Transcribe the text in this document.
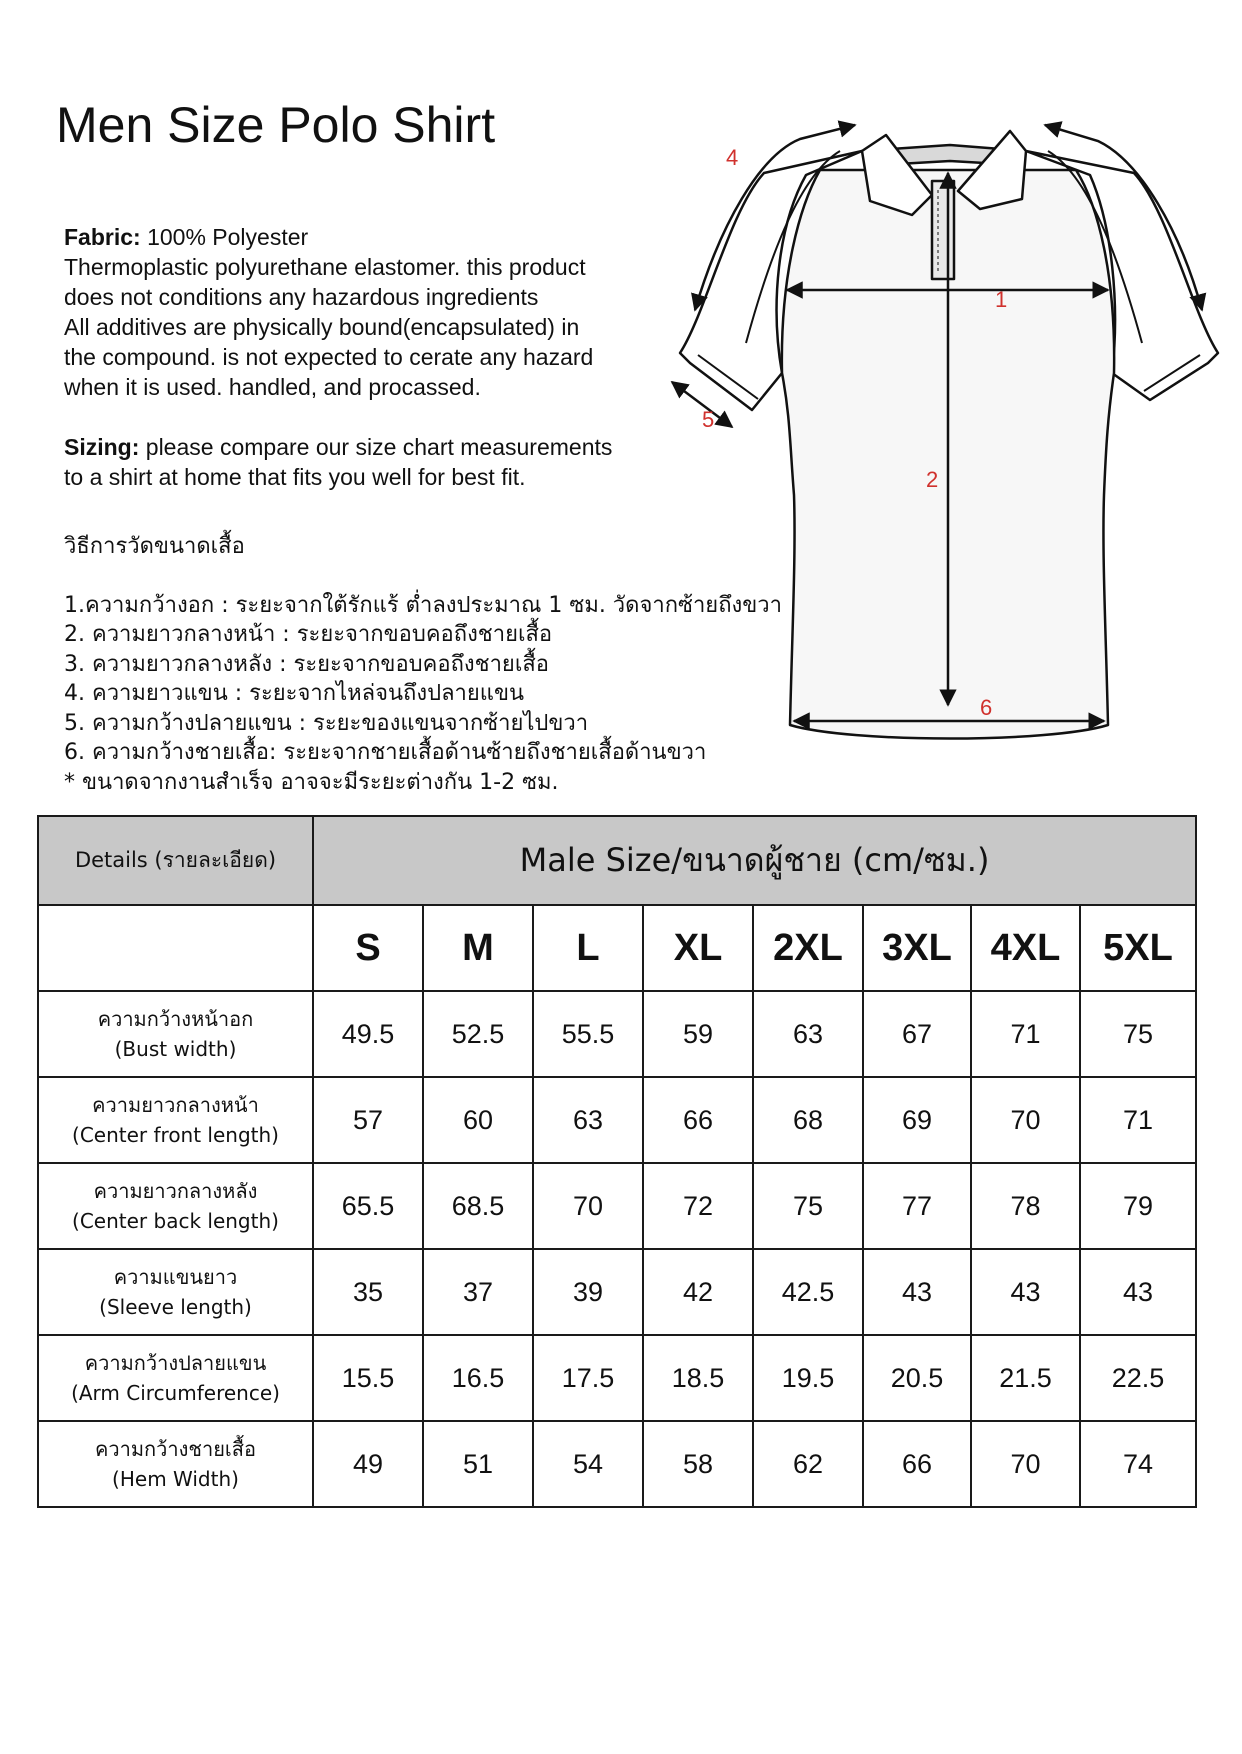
Men Size Polo Shirt

Fabric: 100% Polyester

Thermoplastic polyurethane elastomer. this product

does not conditions any hazardous ingredients

All additives are physically bound(encapsulated) in

the compound. is not expected to cerate any hazard

when it is used. handled, and procassed.

Sizing: please compare our size chart measurements

to a shirt at home that fits you well for best fit.

วิธีการวัดขนาดเสื้อ

1.ความกว้างอก : ระยะจากใต้รักแร้ ต่ำลงประมาณ 1 ซม. วัดจากซ้ายถึงขวา

2. ความยาวกลางหน้า : ระยะจากขอบคอถึงชายเสื้อ

3. ความยาวกลางหลัง : ระยะจากขอบคอถึงชายเสื้อ

4. ความยาวแขน : ระยะจากไหล่จนถึงปลายแขน

5. ความกว้างปลายแขน : ระยะของแขนจากซ้ายไปขวา

6. ความกว้างชายเสื้อ: ระยะจากชายเสื้อด้านซ้ายถึงชายเสื้อด้านขวา

* ขนาดจากงานสำเร็จ อาจจะมีระยะต่างกัน 1-2 ซม.

1
2
4
5
6
Details (รายละเอียด)	Male Size/ขนาดผู้ชาย (cm/ซม.)							
	S	M	L	XL	2XL	3XL	4XL	5XL

ความกว้างหน้าอก
(Bust width)	49.5	52.5	55.5	59	63	67	71	75

ความยาวกลางหน้า
(Center front length)	57	60	63	66	68	69	70	71

ความยาวกลางหลัง
(Center back length)	65.5	68.5	70	72	75	77	78	79

ความแขนยาว
(Sleeve length)	35	37	39	42	42.5	43	43	43

ความกว้างปลายแขน
(Arm Circumference)	15.5	16.5	17.5	18.5	19.5	20.5	21.5	22.5

ความกว้างชายเสื้อ
(Hem Width)	49	51	54	58	62	66	70	74
